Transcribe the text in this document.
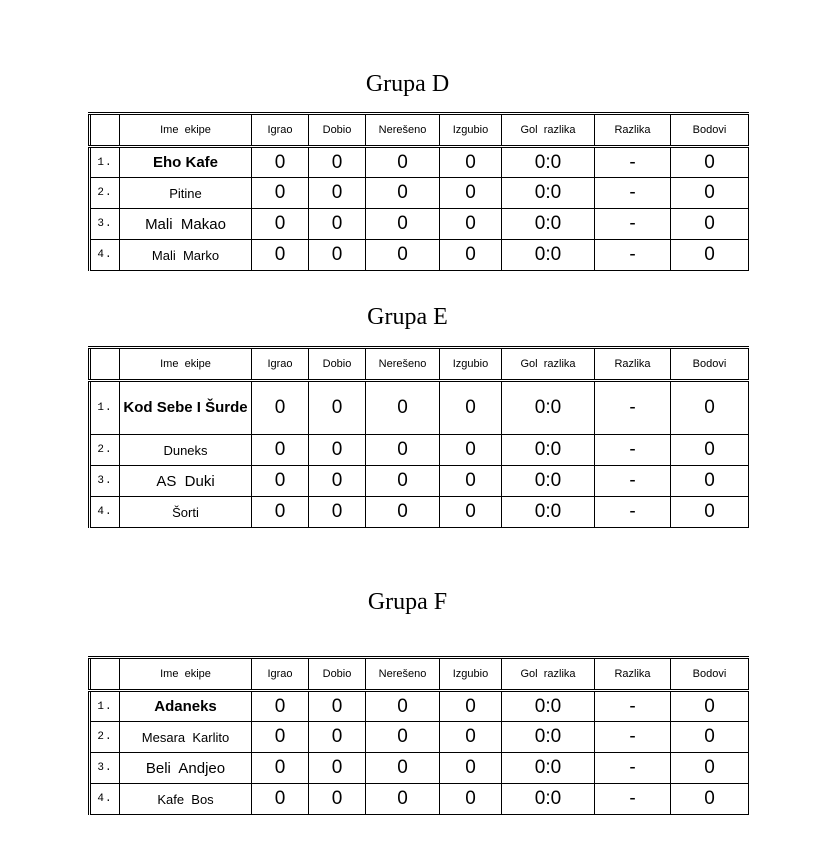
Grupa D
	Ime  ekipe	Igrao	Dobio	Nerešeno	Izgubio	Gol  razlika	Razlika	Bodovi
1.	Eho Kafe	0	0	0	0	0:0	-	0
2.	Pitine	0	0	0	0	0:0	-	0
3.	Mali  Makao	0	0	0	0	0:0	-	0
4.	Mali  Marko	0	0	0	0	0:0	-	0
Grupa E
	Ime  ekipe	Igrao	Dobio	Nerešeno	Izgubio	Gol  razlika	Razlika	Bodovi
1.	Kod Sebe I Šurde	0	0	0	0	0:0	-	0
2.	Duneks	0	0	0	0	0:0	-	0
3.	AS  Duki	0	0	0	0	0:0	-	0
4.	Šorti	0	0	0	0	0:0	-	0
Grupa F
	Ime  ekipe	Igrao	Dobio	Nerešeno	Izgubio	Gol  razlika	Razlika	Bodovi
1.	Adaneks	0	0	0	0	0:0	-	0
2.	Mesara  Karlito	0	0	0	0	0:0	-	0
3.	Beli  Andjeo	0	0	0	0	0:0	-	0
4.	Kafe  Bos	0	0	0	0	0:0	-	0
